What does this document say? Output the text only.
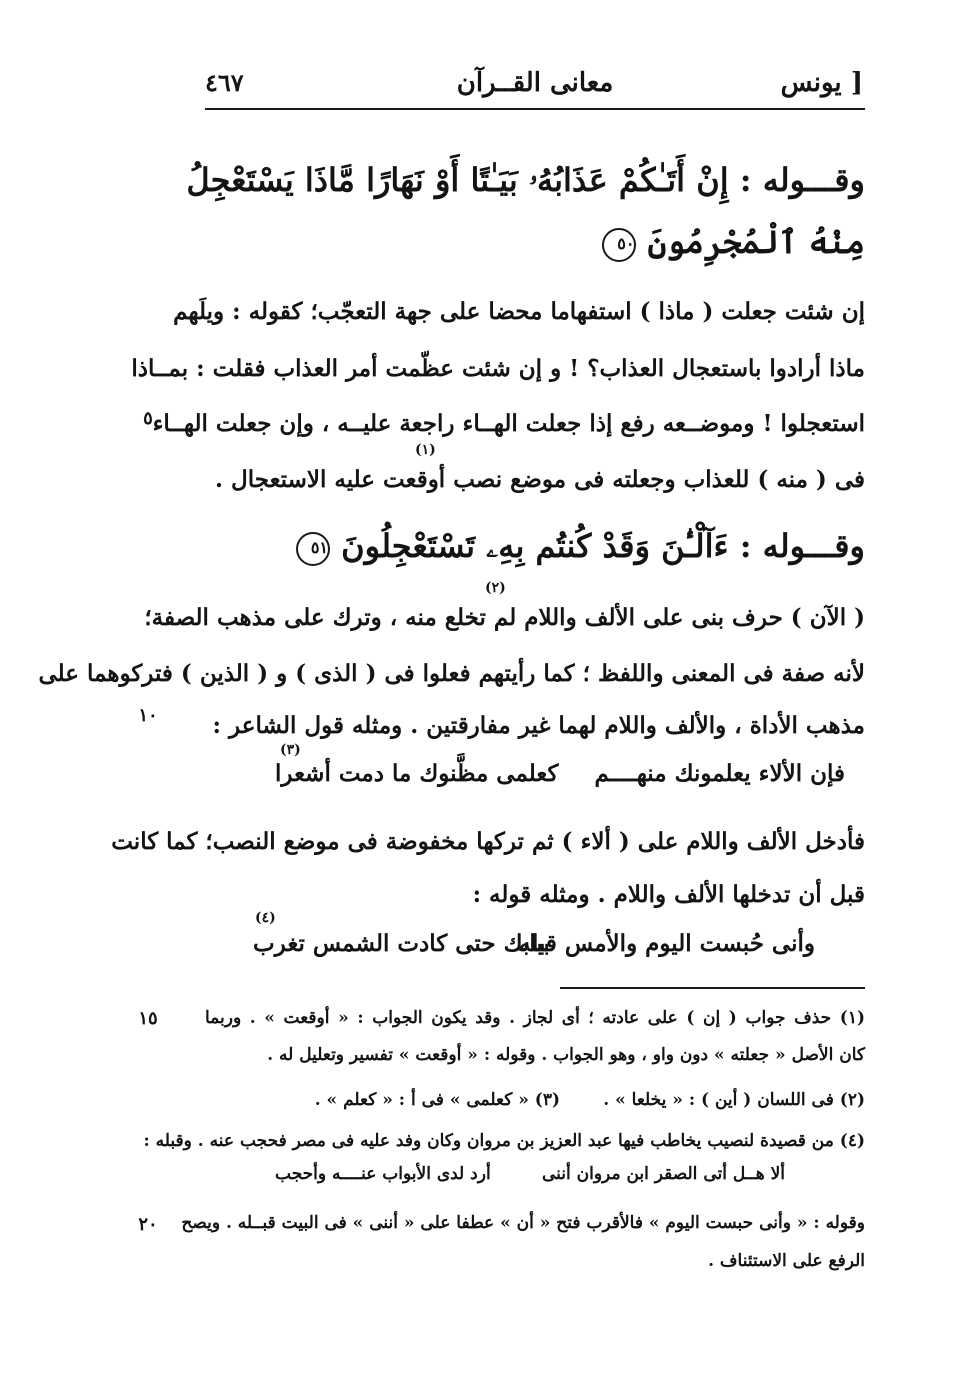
يونس ]
معانى القــرآن
٤٦٧
٥
١٠
١٥
٢٠
وقـــوله : إِنْ أَتَـٰكُمْ عَذَابُهُۥ بَيَـٰتًا أَوْ نَهَارًا مَّاذَا يَسْتَعْجِلُ
مِنْهُ ٱلْمُجْرِمُونَ ٥٠
إن شئت جعلت ( ماذا ) استفهاما محضا على جهة التعجّب؛ كقوله : ويلَهم
ماذا أرادوا باستعجال العذاب؟ ! و إن شئت عظّمت أمر العذاب فقلت : بمــاذا
استعجلوا ! وموضــعه رفع إذا جعلت الهــاء راجعة عليــه ، وإن جعلت الهــاء
(١)
فى ( منه ) للعذاب وجعلته فى موضع نصب أوقعت عليه الاستعجال .
وقـــوله : ءَآلْـٰٔنَ وَقَدْ كُنتُم بِهِۦ تَسْتَعْجِلُونَ ٥١
(٢)
( الآن ) حرف بنى على الألف واللام لم تخلع منه ، وترك على مذهب الصفة؛
لأنه صفة فى المعنى واللفظ ؛ كما رأيتهم فعلوا فى ( الذى ) و ( الذين ) فتركوهما على
مذهب الأداة ، والألف واللام لهما غير مفارقتين . ومثله قول الشاعر :
(٣)
فإن الألاء يعلمونك منهــــم
كعلمى مظَّنوك ما دمت أشعرا
فأدخل الألف واللام على ( ألاء ) ثم تركها مخفوضة فى موضع النصب؛ كما كانت
قبل أن تدخلها الألف واللام . ومثله قوله :
(٤)
وأنى حُبست اليوم والأمس قبله
ببابك حتى كادت الشمس تغرب
(١) حذف جواب ( إن ) على عادته ؛ أى لجاز . وقد يكون الجواب : « أوقعت » . وربما
كان الأصل « جعلته » دون واو ، وهو الجواب . وقوله : « أوقعت » تفسير وتعليل له .
(٢) فى اللسان ( أين ) : « يخلعا » .
(٣) « كعلمى » فى أ : « كعلم » .
(٤) من قصيدة لنصيب يخاطب فيها عبد العزيز بن مروان وكان وفد عليه فى مصر فحجب عنه . وقبله :
ألا هــل أتى الصقر ابن مروان أننى
أرد لدى الأبواب عنــــه وأحجب
وقوله : « وأنى حبست اليوم » فالأقرب فتح « أن » عطفا على « أننى » فى البيت قبــله . ويصح
الرفع على الاستئناف .
